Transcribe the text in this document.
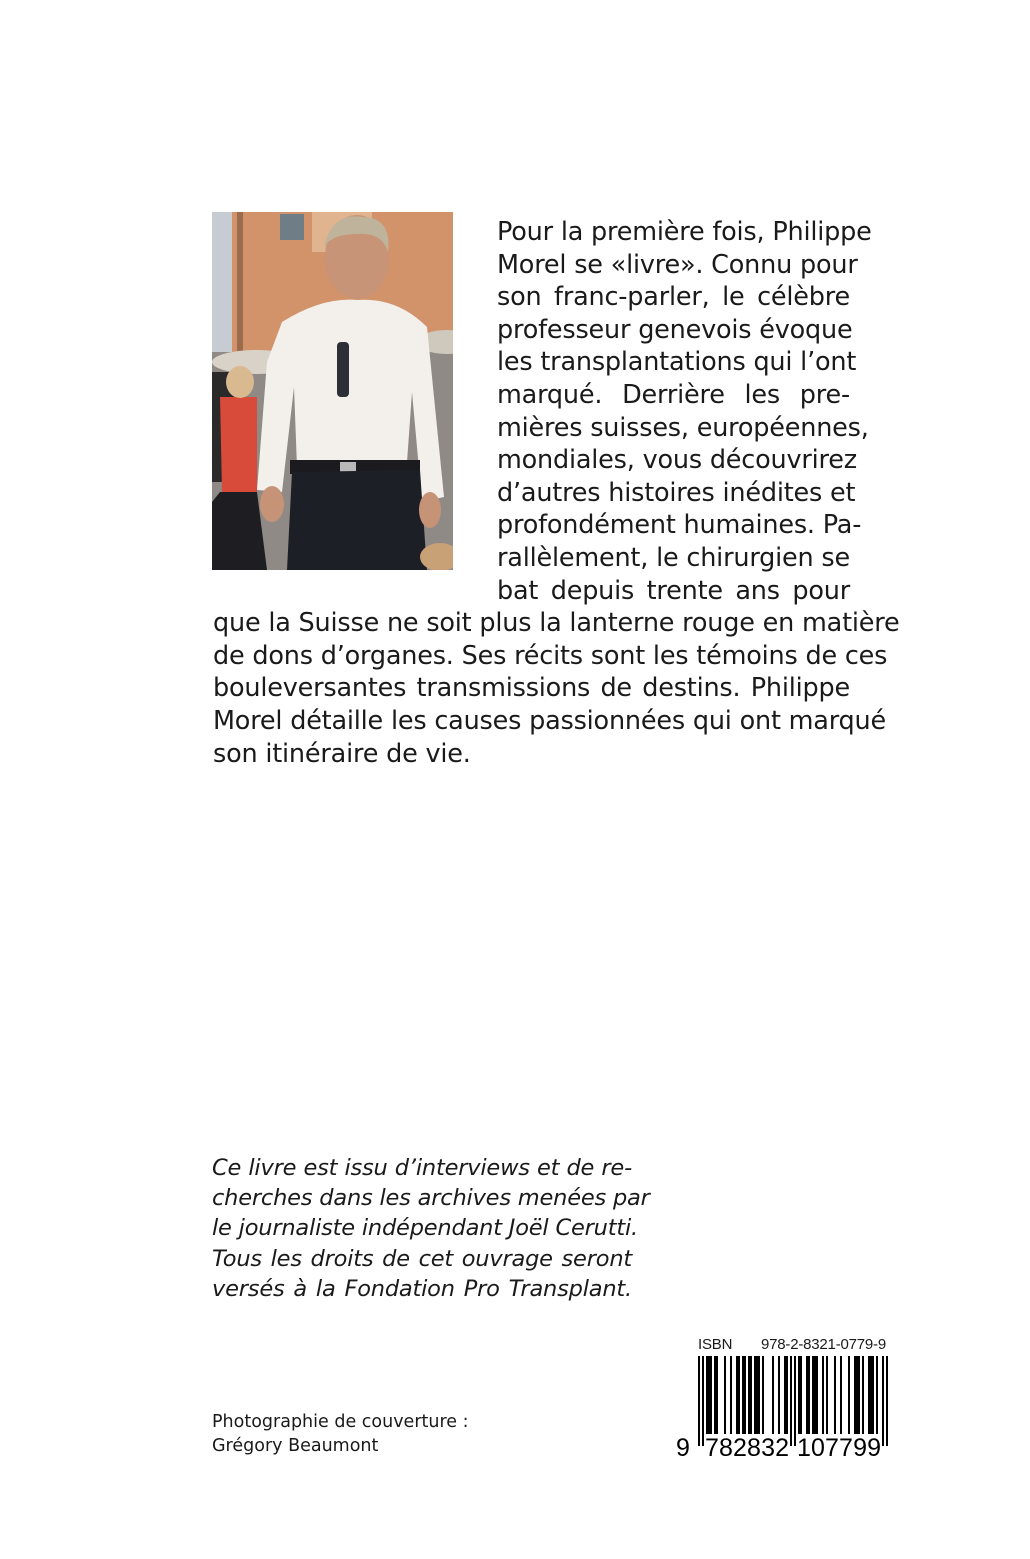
Pour la première fois, Philippe
Morel se «livre». Connu pour
son franc-parler, le célèbre
professeur genevois évoque
les transplantations qui l’ont
marqué. Derrière les pre-
mières suisses, européennes,
mondiales, vous découvrirez
d’autres histoires inédites et
profondément humaines. Pa-
rallèlement, le chirurgien se
bat depuis trente ans pour
que la Suisse ne soit plus la lanterne rouge en matière
de dons d’organes. Ses récits sont les témoins de ces
bouleversantes transmissions de destins. Philippe
Morel détaille les causes passionnées qui ont marqué
son itinéraire de vie.
Ce livre est issu d’interviews et de re-
cherches dans les archives menées par
le journaliste indépendant Joël Cerutti.
Tous les droits de cet ouvrage seront
versés à la Fondation Pro Transplant.
Photographie de couverture :
Grégory Beaumont
ISBN 978-2-8321-0779-9
9 782832 107799
